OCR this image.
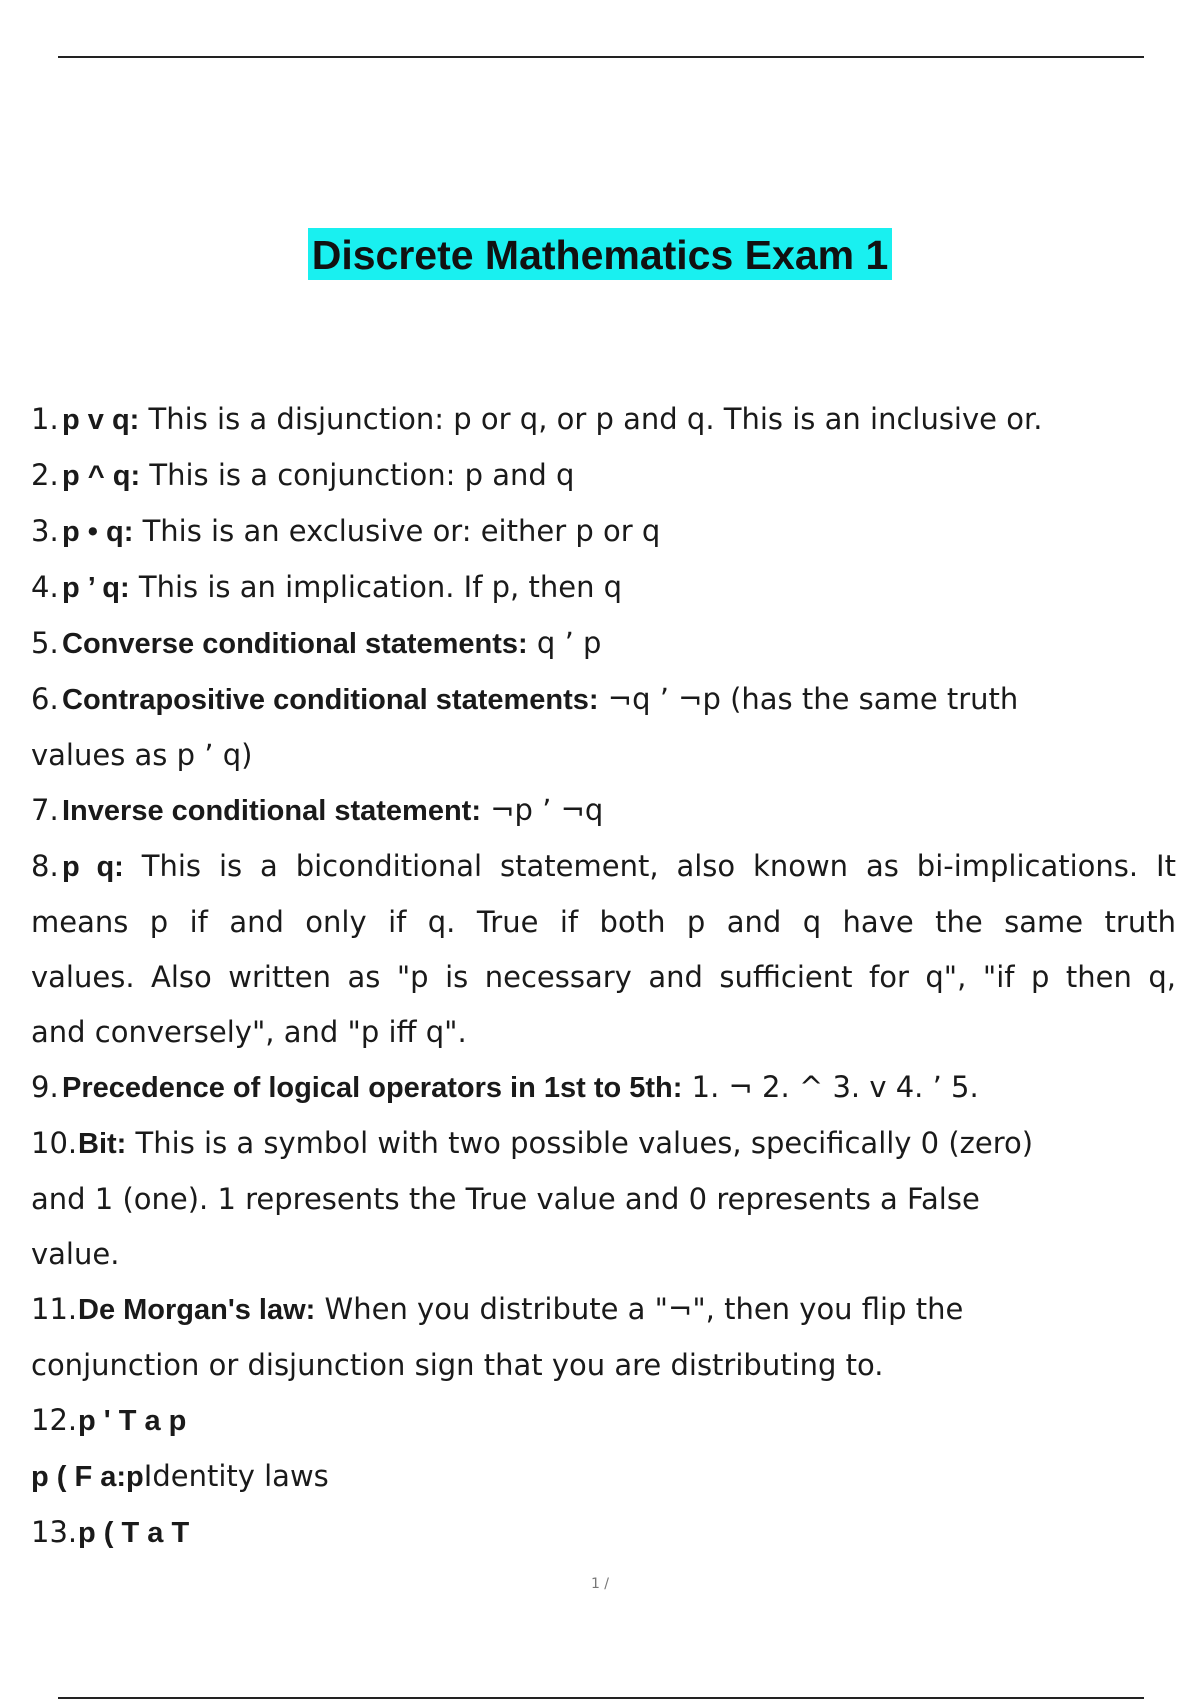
Discrete Mathematics Exam 1
1. p v q: This is a disjunction: p or q, or p and q. This is an inclusive or.
2. p ^ q: This is a conjunction: p and q
3. p • q: This is an exclusive or: either p or q
4. p ’ q: This is an implication. If p, then q
5. Converse conditional statements: q ’ p
6. Contrapositive conditional statements: ¬q ’ ¬p (has the same truth
values as p ’ q)
7. Inverse conditional statement: ¬p ’ ¬q
8. p q: This is a biconditional statement, also known as bi-implications. It
means p if and only if q. True if both p and q have the same truth
values. Also written as "p is necessary and sufficient for q", "if p then q,
and conversely", and "p iff q".
9. Precedence of logical operators in 1st to 5th: 1. ¬ 2. ^ 3. v 4. ’ 5.
10.Bit: This is a symbol with two possible values, specifically 0 (zero)
and 1 (one). 1 represents the True value and 0 represents a False
value.
11.De Morgan's law: When you distribute a "¬", then you flip the
conjunction or disjunction sign that you are distributing to.
12.p ' T a p
p ( F a:pIdentity laws
13.p ( T a T
1 /
